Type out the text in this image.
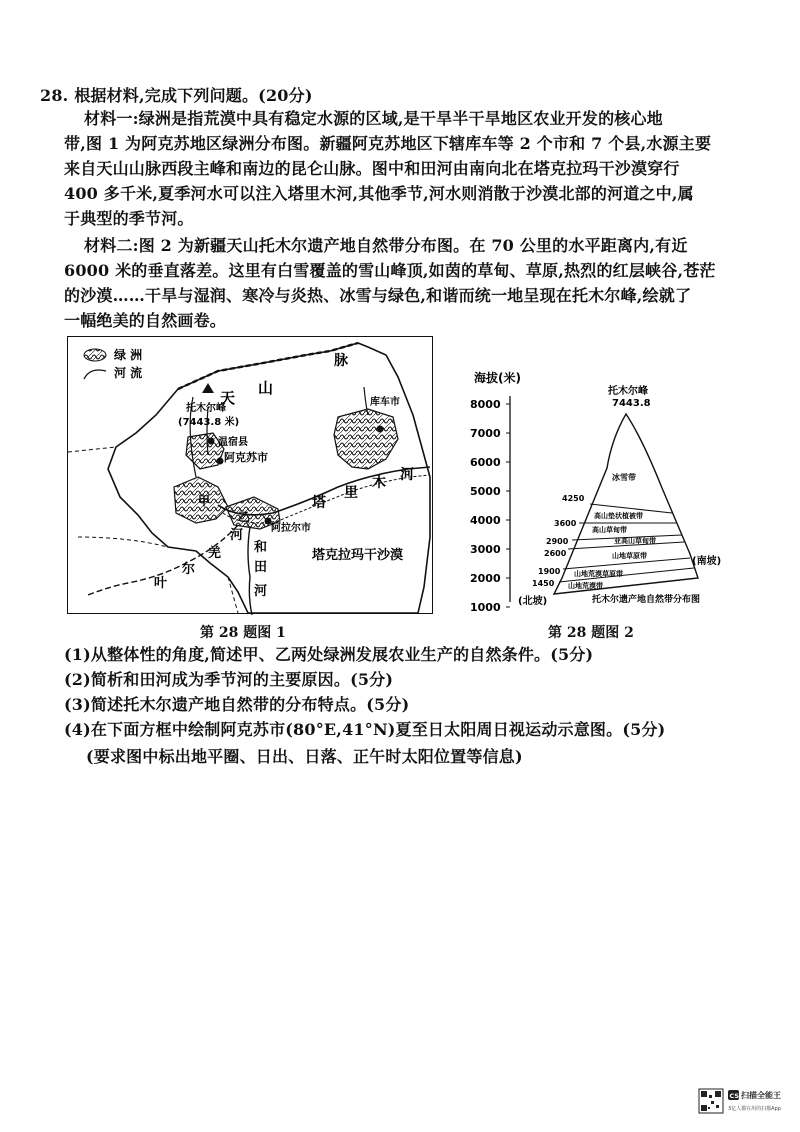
28. 根据材料,完成下列问题。(20分)
材料一:绿洲是指荒漠中具有稳定水源的区域,是干旱半干旱地区农业开发的核心地
带,图 1 为阿克苏地区绿洲分布图。新疆阿克苏地区下辖库车等 2 个市和 7 个县,水源主要
来自天山山脉西段主峰和南边的昆仑山脉。图中和田河由南向北在塔克拉玛干沙漠穿行
400 多千米,夏季河水可以注入塔里木河,其他季节,河水则消散于沙漠北部的河道之中,属
于典型的季节河。
材料二:图 2 为新疆天山托木尔遗产地自然带分布图。在 70 公里的水平距离内,有近
6000 米的垂直落差。这里有白雪覆盖的雪山峰顶,如茵的草甸、草原,热烈的红层峡谷,苍茫
的沙漠……干旱与湿润、寒冷与炎热、冰雪与绿色,和谐而统一地呈现在托木尔峰,绘就了
一幅绝美的自然画卷。
绿 洲
河 流
天
山
脉
托木尔峰
(7443.8 米)
温宿县
阿克苏市
库车市
阿拉尔市
甲
乙
塔
里
木 河
塔克拉玛干沙漠
和
田
河
河
羌
尔
叶
第 28 题图 1
海拔(米)
8000
7000
6000
5000
4000
3000
2000
1000
托木尔峰
7443.8
4250
3600
2900
2600
1900
1450
冰雪带
高山垫状植被带
高山草甸带
亚高山草甸带
山地草原带
山地荒漠草原带
山地荒漠带
(南坡)
(北坡)	托木尔遗产地自然带分布图
第 28 题图 2
(1)从整体性的角度,简述甲、乙两处绿洲发展农业生产的自然条件。(5分)
(2)简析和田河成为季节河的主要原因。(5分)
(3)简述托木尔遗产地自然带的分布特点。(5分)
(4)在下面方框中绘制阿克苏市(80°E,41°N)夏至日太阳周日视运动示意图。(5分)
(要求图中标出地平圈、日出、日落、正午时太阳位置等信息)
CS 扫描全能王
3亿人都在用的扫描App
